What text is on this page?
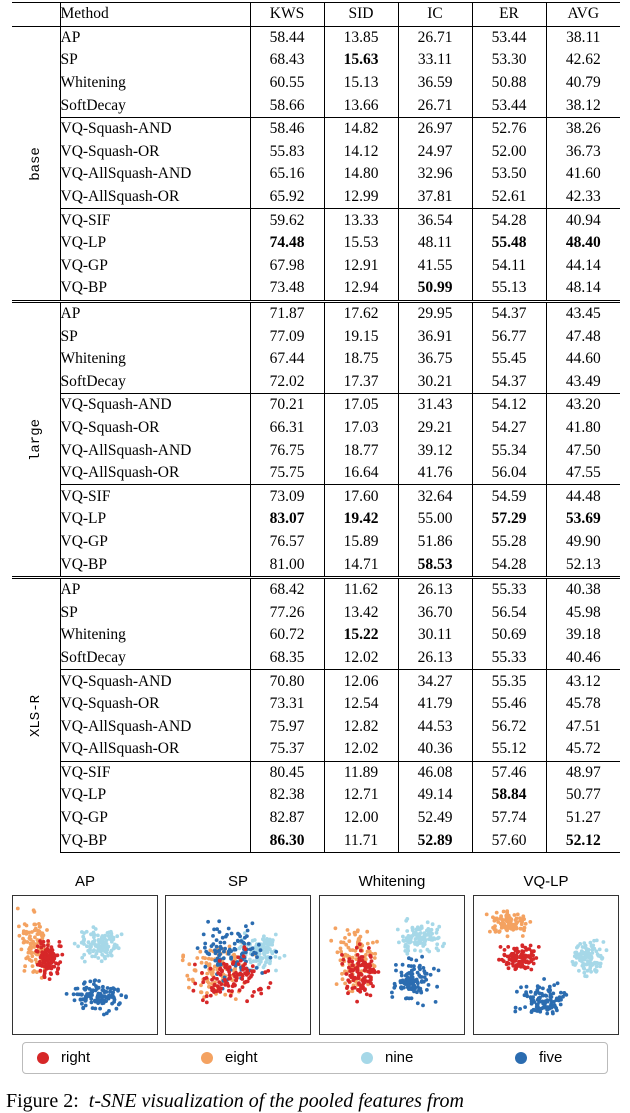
	Method	KWS	SID	IC	ER	AVG
base	AP	58.44	13.85	26.71	53.44	38.11
	SP	68.43	15.63	33.11	53.30	42.62
	Whitening	60.55	15.13	36.59	50.88	40.79
	SoftDecay	58.66	13.66	26.71	53.44	38.12
	VQ-Squash-AND	58.46	14.82	26.97	52.76	38.26
	VQ-Squash-OR	55.83	14.12	24.97	52.00	36.73
	VQ-AllSquash-AND	65.16	14.80	32.96	53.50	41.60
	VQ-AllSquash-OR	65.92	12.99	37.81	52.61	42.33
	VQ-SIF	59.62	13.33	36.54	54.28	40.94
	VQ-LP	74.48	15.53	48.11	55.48	48.40
	VQ-GP	67.98	12.91	41.55	54.11	44.14
	VQ-BP	73.48	12.94	50.99	55.13	48.14
large	AP	71.87	17.62	29.95	54.37	43.45
	SP	77.09	19.15	36.91	56.77	47.48
	Whitening	67.44	18.75	36.75	55.45	44.60
	SoftDecay	72.02	17.37	30.21	54.37	43.49
	VQ-Squash-AND	70.21	17.05	31.43	54.12	43.20
	VQ-Squash-OR	66.31	17.03	29.21	54.27	41.80
	VQ-AllSquash-AND	76.75	18.77	39.12	55.34	47.50
	VQ-AllSquash-OR	75.75	16.64	41.76	56.04	47.55
	VQ-SIF	73.09	17.60	32.64	54.59	44.48
	VQ-LP	83.07	19.42	55.00	57.29	53.69
	VQ-GP	76.57	15.89	51.86	55.28	49.90
	VQ-BP	81.00	14.71	58.53	54.28	52.13
XLS-R	AP	68.42	11.62	26.13	55.33	40.38
	SP	77.26	13.42	36.70	56.54	45.98
	Whitening	60.72	15.22	30.11	50.69	39.18
	SoftDecay	68.35	12.02	26.13	55.33	40.46
	VQ-Squash-AND	70.80	12.06	34.27	55.35	43.12
	VQ-Squash-OR	73.31	12.54	41.79	55.46	45.78
	VQ-AllSquash-AND	75.97	12.82	44.53	56.72	47.51
	VQ-AllSquash-OR	75.37	12.02	40.36	55.12	45.72
	VQ-SIF	80.45	11.89	46.08	57.46	48.97
	VQ-LP	82.38	12.71	49.14	58.84	50.77
	VQ-GP	82.87	12.00	52.49	57.74	51.27
	VQ-BP	86.30	11.71	52.89	57.60	52.12
AP	SP	Whitening	VQ-LP
right	eight	nine	five
Figure 2: t-SNE visualization of the pooled features from
